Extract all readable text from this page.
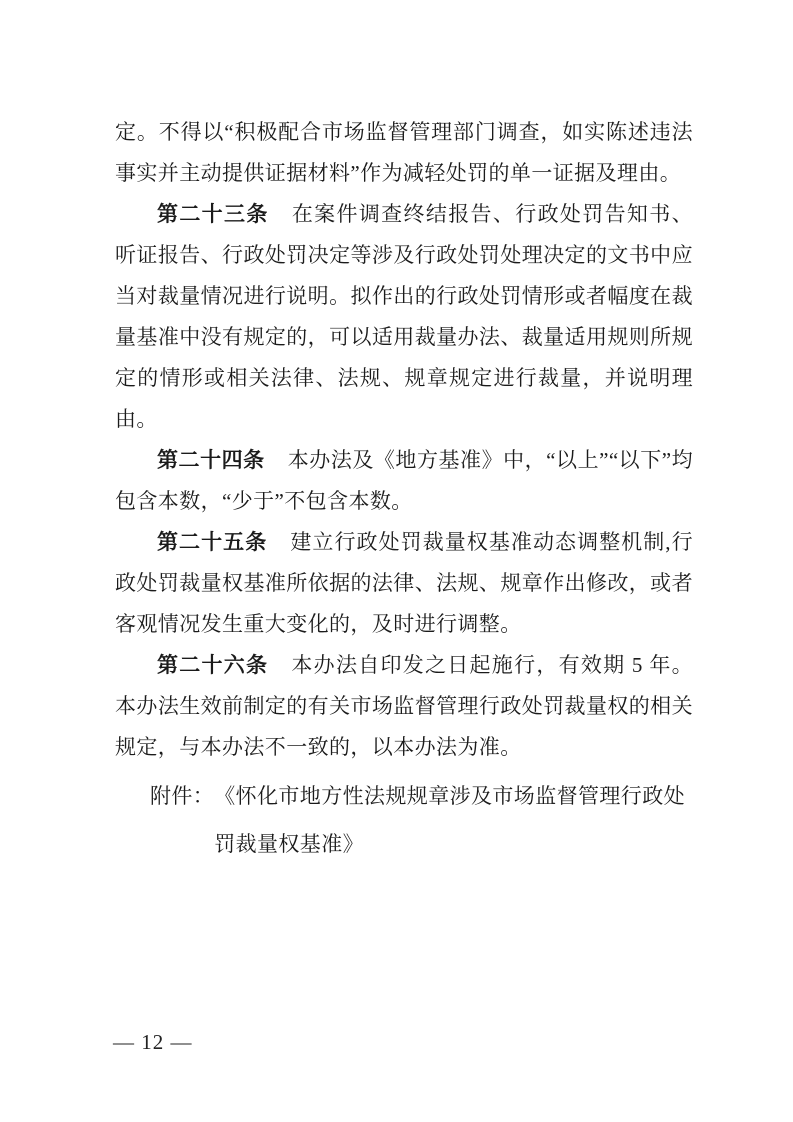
定。不得以“积极配合市场监督管理部门调查，如实陈述违法事实并主动提供证据材料”作为减轻处罚的单一证据及理由。

第二十三条 在案件调查终结报告、行政处罚告知书、听证报告、行政处罚决定等涉及行政处罚处理决定的文书中应当对裁量情况进行说明。拟作出的行政处罚情形或者幅度在裁量基准中没有规定的，可以适用裁量办法、裁量适用规则所规定的情形或相关法律、法规、规章规定进行裁量，并说明理由。

第二十四条 本办法及《地方基准》中，“以上”“以下”均包含本数，“少于”不包含本数。

第二十五条 建立行政处罚裁量权基准动态调整机制,行政处罚裁量权基准所依据的法律、法规、规章作出修改，或者客观情况发生重大变化的，及时进行调整。

第二十六条 本办法自印发之日起施行，有效期 5 年。本办法生效前制定的有关市场监督管理行政处罚裁量权的相关规定，与本办法不一致的，以本办法为准。

附件： 《怀化市地方性法规规章涉及市场监督管理行政处
罚裁量权基准》
— 12 —
